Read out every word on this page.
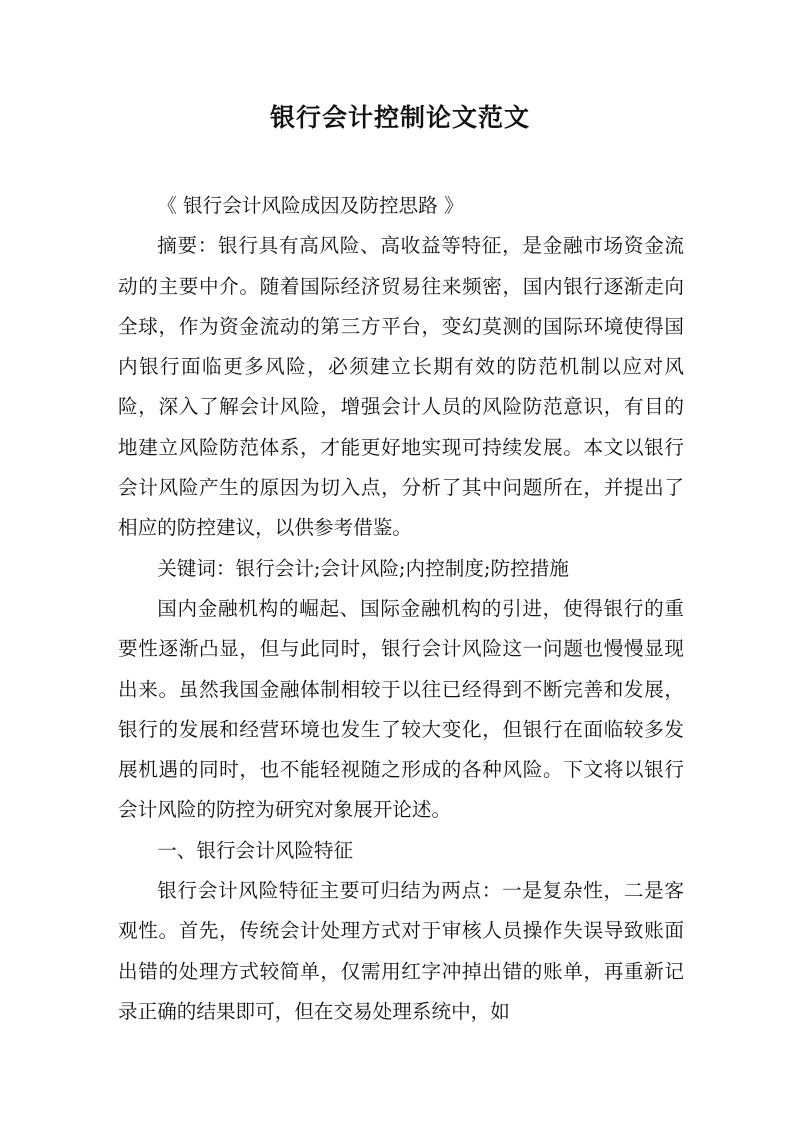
银行会计控制论文范文

《 银行会计风险成因及防控思路 》

摘要：银行具有高风险、高收益等特征，是金融市场资金流动的主要中介。随着国际经济贸易往来频密，国内银行逐渐走向全球，作为资金流动的第三方平台，变幻莫测的国际环境使得国内银行面临更多风险，必须建立长期有效的防范机制以应对风险，深入了解会计风险，增强会计人员的风险防范意识，有目的地建立风险防范体系，才能更好地实现可持续发展。本文以银行会计风险产生的原因为切入点，分析了其中问题所在，并提出了相应的防控建议，以供参考借鉴。

关键词：银行会计;会计风险;内控制度;防控措施

国内金融机构的崛起、国际金融机构的引进，使得银行的重要性逐渐凸显，但与此同时，银行会计风险这一问题也慢慢显现出来。虽然我国金融体制相较于以往已经得到不断完善和发展，银行的发展和经营环境也发生了较大变化，但银行在面临较多发展机遇的同时，也不能轻视随之形成的各种风险。下文将以银行会计风险的防控为研究对象展开论述。

一、银行会计风险特征

银行会计风险特征主要可归结为两点：一是复杂性，二是客观性。首先，传统会计处理方式对于审核人员操作失误导致账面出错的处理方式较简单，仅需用红字冲掉出错的账单，再重新记录正确的结果即可，但在交易处理系统中，如
